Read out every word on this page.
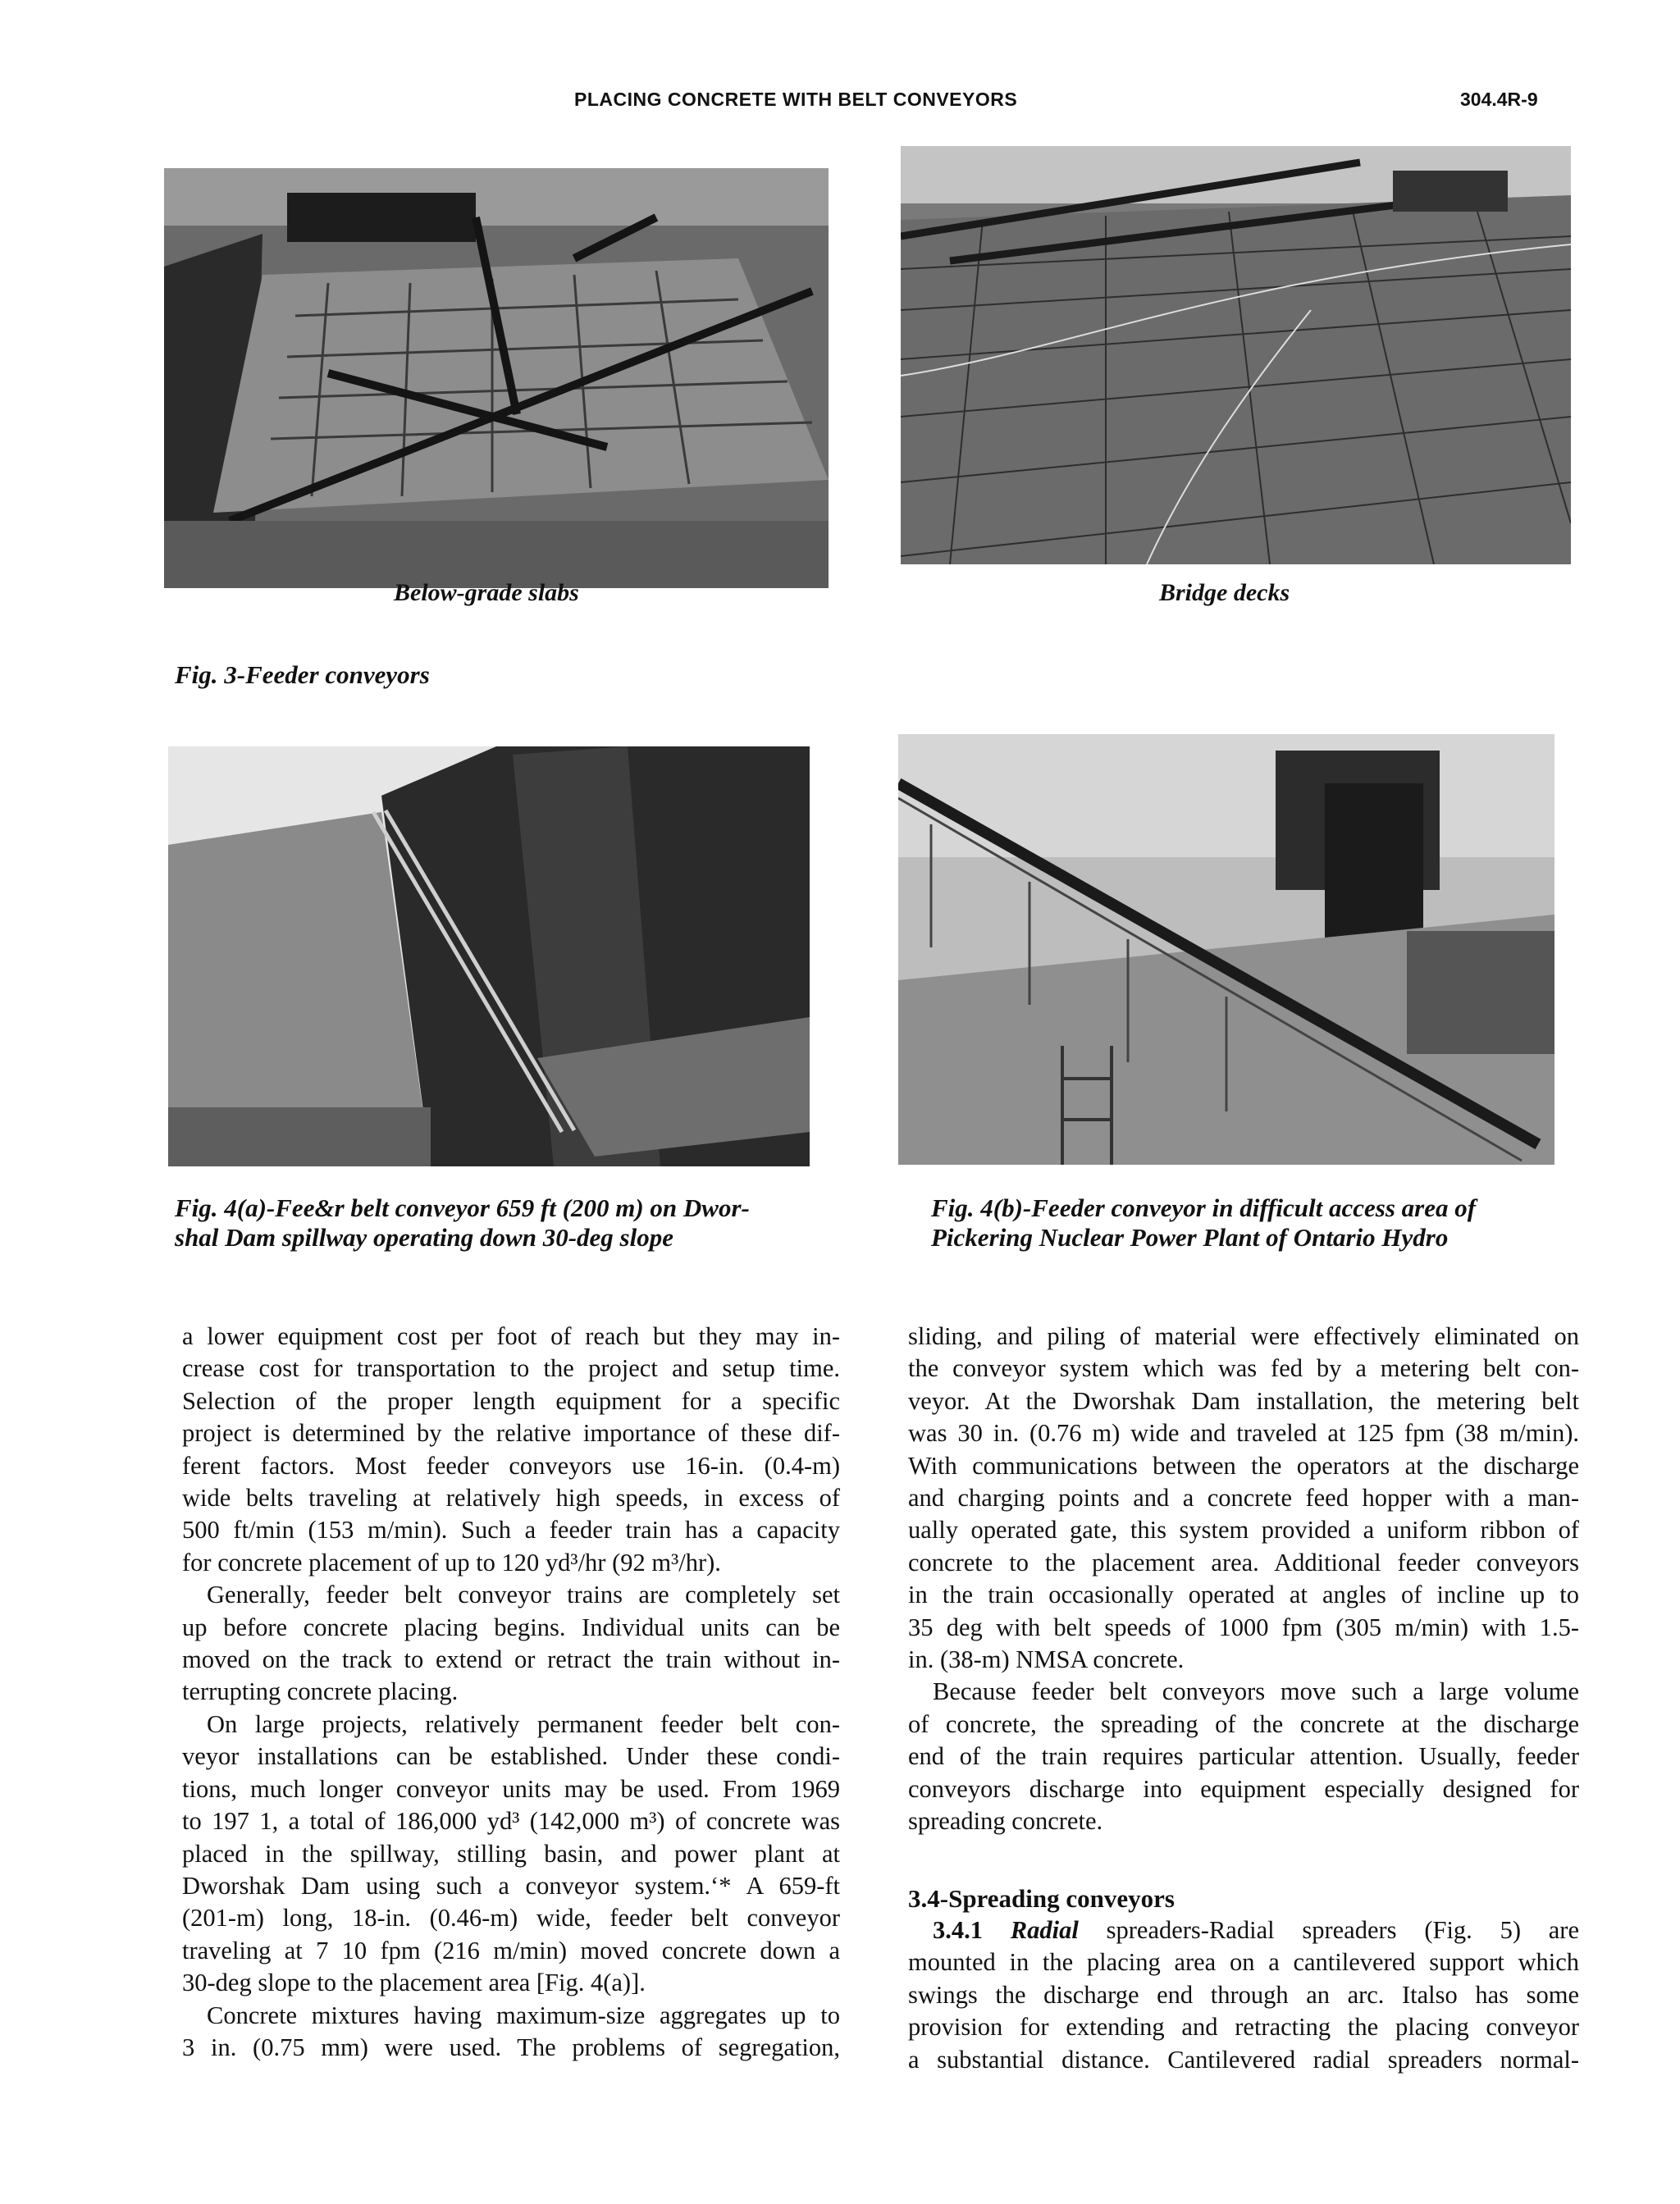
PLACING CONCRETE WITH BELT CONVEYORS	304.4R-9
Below-grade slabs	Bridge decks
Fig. 3-Feeder conveyors
Fig. 4(a)-Fee&r belt conveyor 659 ft (200 m) on Dwor-
shal Dam spillway operating down 30-deg slope
Fig. 4(b)-Feeder conveyor in difficult access area of
Pickering Nuclear Power Plant of Ontario Hydro

a lower equipment cost per foot of reach but they may in-

crease cost for transportation to the project and setup time.

Selection of the proper length equipment for a specific

project is determined by the relative importance of these dif-

ferent factors. Most feeder conveyors use 16-in. (0.4-m)

wide belts traveling at relatively high speeds, in excess of

500 ft/min (153 m/min). Such a feeder train has a capacity

for concrete placement of up to 120 yd³/hr (92 m³/hr).

Generally, feeder belt conveyor trains are completely set

up before concrete placing begins. Individual units can be

moved on the track to extend or retract the train without in-

terrupting concrete placing.

On large projects, relatively permanent feeder belt con-

veyor installations can be established. Under these condi-

tions, much longer conveyor units may be used. From 1969

to 197 1, a total of 186,000 yd³ (142,000 m³) of concrete was

placed in the spillway, stilling basin, and power plant at

Dworshak Dam using such a conveyor system.‘* A 659-ft

(201-m) long, 18-in. (0.46-m) wide, feeder belt conveyor

traveling at 7 10 fpm (216 m/min) moved concrete down a

30-deg slope to the placement area [Fig. 4(a)].

Concrete mixtures having maximum-size aggregates up to

3 in. (0.75 mm) were used. The problems of segregation,

sliding, and piling of material were effectively eliminated on

the conveyor system which was fed by a metering belt con-

veyor. At the Dworshak Dam installation, the metering belt

was 30 in. (0.76 m) wide and traveled at 125 fpm (38 m/min).

With communications between the operators at the discharge

and charging points and a concrete feed hopper with a man-

ually operated gate, this system provided a uniform ribbon of

concrete to the placement area. Additional feeder conveyors

in the train occasionally operated at angles of incline up to

35 deg with belt speeds of 1000 fpm (305 m/min) with 1.5-

in. (38-m) NMSA concrete.

Because feeder belt conveyors move such a large volume

of concrete, the spreading of the concrete at the discharge

end of the train requires particular attention. Usually, feeder

conveyors discharge into equipment especially designed for

spreading concrete.

3.4-Spreading conveyors

3.4.1 Radial spreaders-Radial spreaders (Fig. 5) are

mounted in the placing area on a cantilevered support which

swings the discharge end through an arc. Italso has some

provision for extending and retracting the placing conveyor

a substantial distance. Cantilevered radial spreaders normal-
